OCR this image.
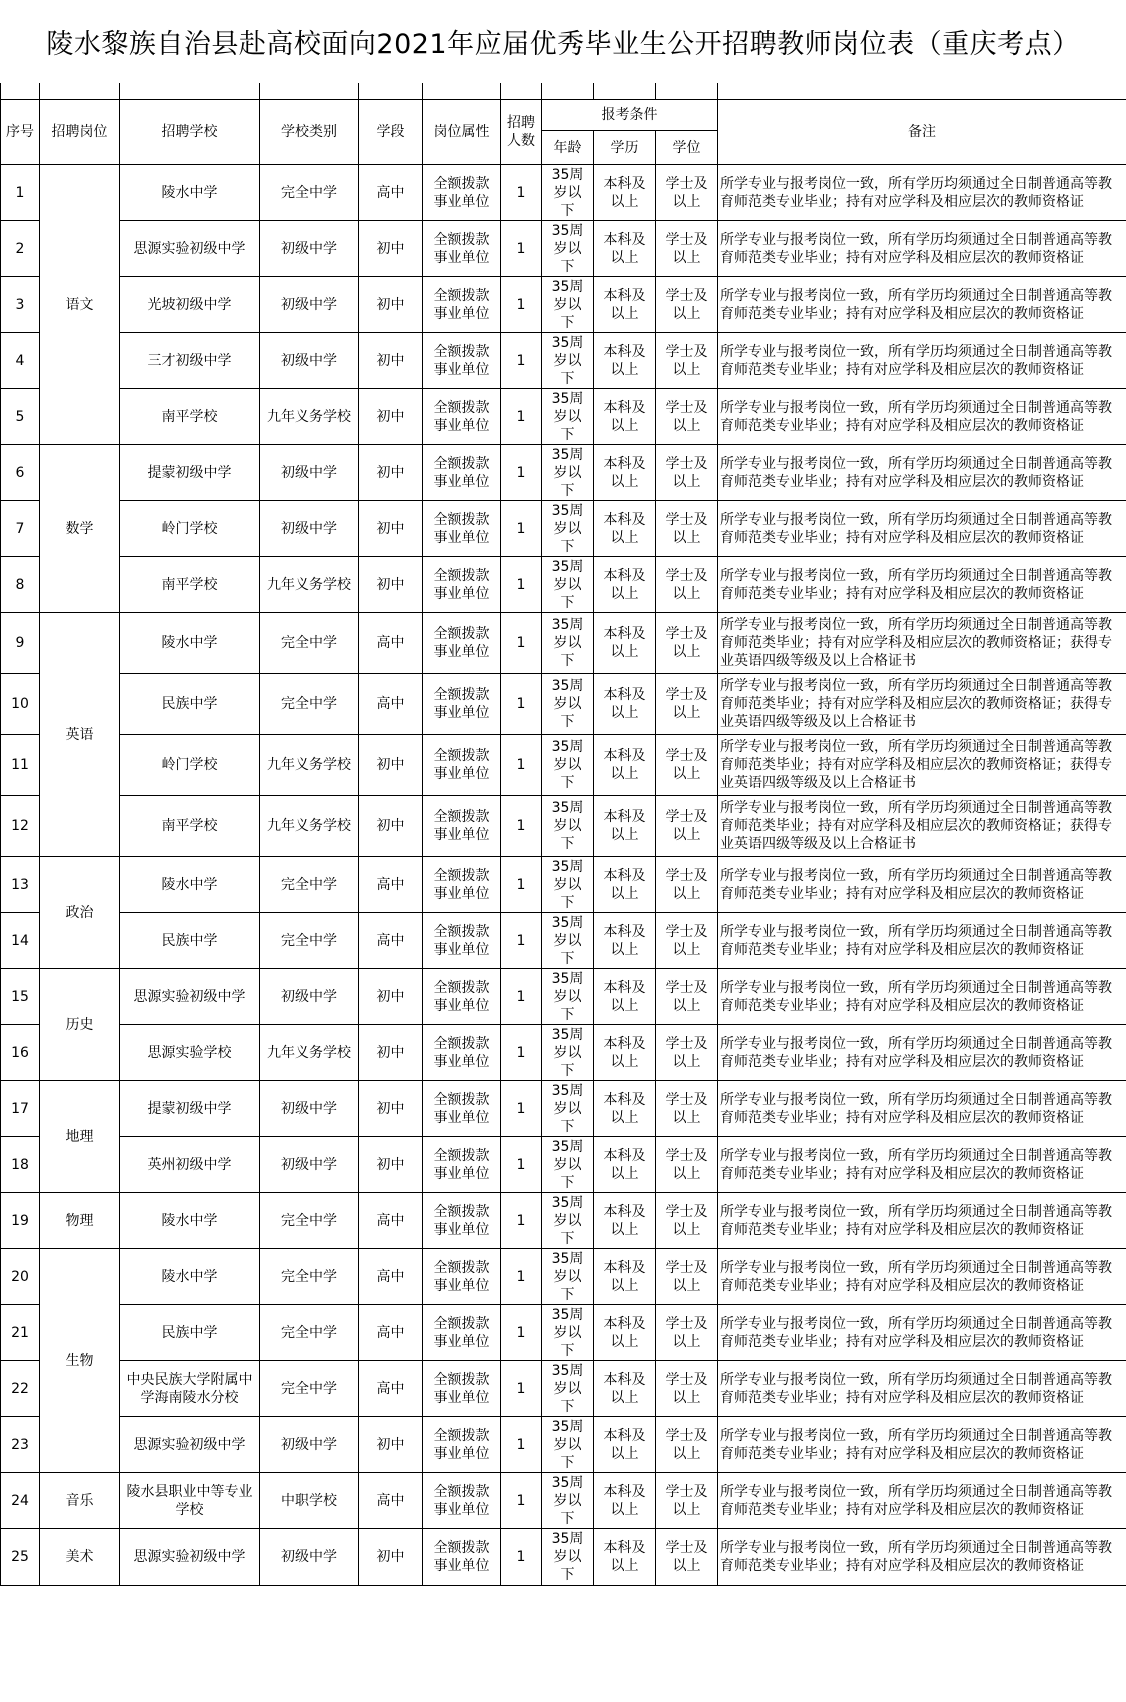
陵水黎族自治县赴高校面向2021年应届优秀毕业生公开招聘教师岗位表（重庆考点）

序号	招聘岗位	招聘学校	学校类别	学段	岗位属性	招聘人数	报考条件			备注
							年龄	学历	学位	
1	语文	陵水中学	完全中学	高中	全额拨款事业单位	1	35周岁以下	本科及以上	学士及以上	所学专业与报考岗位一致，所有学历均须通过全日制普通高等教育师范类专业毕业；持有对应学科及相应层次的教师资格证
2		思源实验初级中学	初级中学	初中	全额拨款事业单位	1	35周岁以下	本科及以上	学士及以上	所学专业与报考岗位一致，所有学历均须通过全日制普通高等教育师范类专业毕业；持有对应学科及相应层次的教师资格证
3		光坡初级中学	初级中学	初中	全额拨款事业单位	1	35周岁以下	本科及以上	学士及以上	所学专业与报考岗位一致，所有学历均须通过全日制普通高等教育师范类专业毕业；持有对应学科及相应层次的教师资格证
4		三才初级中学	初级中学	初中	全额拨款事业单位	1	35周岁以下	本科及以上	学士及以上	所学专业与报考岗位一致，所有学历均须通过全日制普通高等教育师范类专业毕业；持有对应学科及相应层次的教师资格证
5		南平学校	九年义务学校	初中	全额拨款事业单位	1	35周岁以下	本科及以上	学士及以上	所学专业与报考岗位一致，所有学历均须通过全日制普通高等教育师范类专业毕业；持有对应学科及相应层次的教师资格证
6	数学	提蒙初级中学	初级中学	初中	全额拨款事业单位	1	35周岁以下	本科及以上	学士及以上	所学专业与报考岗位一致，所有学历均须通过全日制普通高等教育师范类专业毕业；持有对应学科及相应层次的教师资格证
7		岭门学校	初级中学	初中	全额拨款事业单位	1	35周岁以下	本科及以上	学士及以上	所学专业与报考岗位一致，所有学历均须通过全日制普通高等教育师范类专业毕业；持有对应学科及相应层次的教师资格证
8		南平学校	九年义务学校	初中	全额拨款事业单位	1	35周岁以下	本科及以上	学士及以上	所学专业与报考岗位一致，所有学历均须通过全日制普通高等教育师范类专业毕业；持有对应学科及相应层次的教师资格证
9	英语	陵水中学	完全中学	高中	全额拨款事业单位	1	35周岁以下	本科及以上	学士及以上	所学专业与报考岗位一致，所有学历均须通过全日制普通高等教育师范类毕业；持有对应学科及相应层次的教师资格证；获得专业英语四级等级及以上合格证书
10		民族中学	完全中学	高中	全额拨款事业单位	1	35周岁以下	本科及以上	学士及以上	所学专业与报考岗位一致，所有学历均须通过全日制普通高等教育师范类毕业；持有对应学科及相应层次的教师资格证；获得专业英语四级等级及以上合格证书
11		岭门学校	九年义务学校	初中	全额拨款事业单位	1	35周岁以下	本科及以上	学士及以上	所学专业与报考岗位一致，所有学历均须通过全日制普通高等教育师范类毕业；持有对应学科及相应层次的教师资格证；获得专业英语四级等级及以上合格证书
12		南平学校	九年义务学校	初中	全额拨款事业单位	1	35周岁以下	本科及以上	学士及以上	所学专业与报考岗位一致，所有学历均须通过全日制普通高等教育师范类毕业；持有对应学科及相应层次的教师资格证；获得专业英语四级等级及以上合格证书
13	政治	陵水中学	完全中学	高中	全额拨款事业单位	1	35周岁以下	本科及以上	学士及以上	所学专业与报考岗位一致，所有学历均须通过全日制普通高等教育师范类专业毕业；持有对应学科及相应层次的教师资格证
14		民族中学	完全中学	高中	全额拨款事业单位	1	35周岁以下	本科及以上	学士及以上	所学专业与报考岗位一致，所有学历均须通过全日制普通高等教育师范类专业毕业；持有对应学科及相应层次的教师资格证
15	历史	思源实验初级中学	初级中学	初中	全额拨款事业单位	1	35周岁以下	本科及以上	学士及以上	所学专业与报考岗位一致，所有学历均须通过全日制普通高等教育师范类专业毕业；持有对应学科及相应层次的教师资格证
16		思源实验学校	九年义务学校	初中	全额拨款事业单位	1	35周岁以下	本科及以上	学士及以上	所学专业与报考岗位一致，所有学历均须通过全日制普通高等教育师范类专业毕业；持有对应学科及相应层次的教师资格证
17	地理	提蒙初级中学	初级中学	初中	全额拨款事业单位	1	35周岁以下	本科及以上	学士及以上	所学专业与报考岗位一致，所有学历均须通过全日制普通高等教育师范类专业毕业；持有对应学科及相应层次的教师资格证
18		英州初级中学	初级中学	初中	全额拨款事业单位	1	35周岁以下	本科及以上	学士及以上	所学专业与报考岗位一致，所有学历均须通过全日制普通高等教育师范类专业毕业；持有对应学科及相应层次的教师资格证
19	物理	陵水中学	完全中学	高中	全额拨款事业单位	1	35周岁以下	本科及以上	学士及以上	所学专业与报考岗位一致，所有学历均须通过全日制普通高等教育师范类专业毕业；持有对应学科及相应层次的教师资格证
20	生物	陵水中学	完全中学	高中	全额拨款事业单位	1	35周岁以下	本科及以上	学士及以上	所学专业与报考岗位一致，所有学历均须通过全日制普通高等教育师范类专业毕业；持有对应学科及相应层次的教师资格证
21		民族中学	完全中学	高中	全额拨款事业单位	1	35周岁以下	本科及以上	学士及以上	所学专业与报考岗位一致，所有学历均须通过全日制普通高等教育师范类专业毕业；持有对应学科及相应层次的教师资格证
22		中央民族大学附属中学海南陵水分校	完全中学	高中	全额拨款事业单位	1	35周岁以下	本科及以上	学士及以上	所学专业与报考岗位一致，所有学历均须通过全日制普通高等教育师范类专业毕业；持有对应学科及相应层次的教师资格证
23		思源实验初级中学	初级中学	初中	全额拨款事业单位	1	35周岁以下	本科及以上	学士及以上	所学专业与报考岗位一致，所有学历均须通过全日制普通高等教育师范类专业毕业；持有对应学科及相应层次的教师资格证
24	音乐	陵水县职业中等专业学校	中职学校	高中	全额拨款事业单位	1	35周岁以下	本科及以上	学士及以上	所学专业与报考岗位一致，所有学历均须通过全日制普通高等教育师范类专业毕业；持有对应学科及相应层次的教师资格证
25	美术	思源实验初级中学	初级中学	初中	全额拨款事业单位	1	35周岁以下	本科及以上	学士及以上	所学专业与报考岗位一致，所有学历均须通过全日制普通高等教育师范类专业毕业；持有对应学科及相应层次的教师资格证
